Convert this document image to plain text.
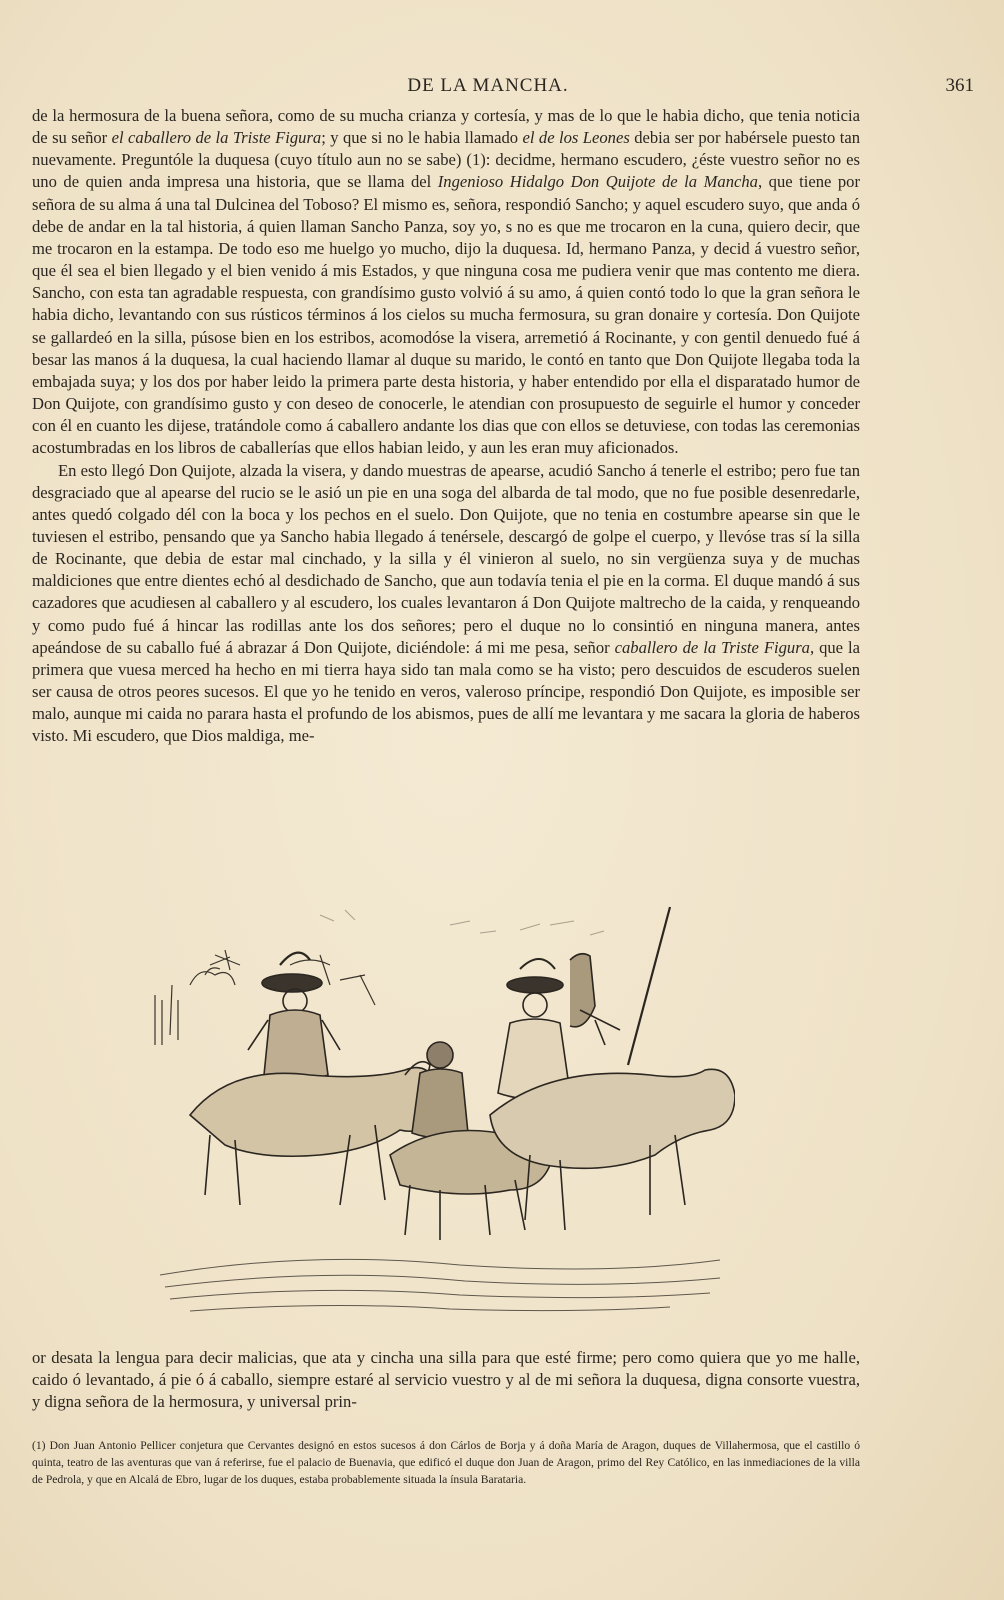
DE LA MANCHA.	361

de la hermosura de la buena señora, como de su mucha crianza y cortesía, y mas de lo que le habia dicho, que tenia noticia de su señor el caballero de la Triste Figura; y que si no le habia llamado el de los Leones debia ser por habérsele puesto tan nuevamente. Preguntóle la duquesa (cuyo título aun no se sabe) (1): decidme, hermano escudero, ¿éste vuestro señor no es uno de quien anda impresa una historia, que se llama del Ingenioso Hidalgo Don Quijote de la Mancha, que tiene por señora de su alma á una tal Dulcinea del Toboso? El mismo es, señora, respondió Sancho; y aquel escudero suyo, que anda ó debe de andar en la tal historia, á quien llaman Sancho Panza, soy yo, s no es que me trocaron en la cuna, quiero decir, que me trocaron en la estampa. De todo eso me huelgo yo mucho, dijo la duquesa. Id, hermano Panza, y decid á vuestro señor, que él sea el bien llegado y el bien venido á mis Estados, y que ninguna cosa me pudiera venir que mas contento me diera. Sancho, con esta tan agradable respuesta, con grandísimo gusto volvió á su amo, á quien contó todo lo que la gran señora le habia dicho, levantando con sus rústicos términos á los cielos su mucha fermosura, su gran donaire y cortesía. Don Quijote se gallardeó en la silla, púsose bien en los estribos, acomodóse la visera, arremetió á Rocinante, y con gentil denuedo fué á besar las manos á la duquesa, la cual haciendo llamar al duque su marido, le contó en tanto que Don Quijote llegaba toda la embajada suya; y los dos por haber leido la primera parte desta historia, y haber entendido por ella el disparatado humor de Don Quijote, con grandísimo gusto y con deseo de conocerle, le atendian con prosupuesto de seguirle el humor y conceder con él en cuanto les dijese, tratándole como á caballero andante los dias que con ellos se detuviese, con todas las ceremonias acostumbradas en los libros de caballerías que ellos habian leido, y aun les eran muy aficionados.

En esto llegó Don Quijote, alzada la visera, y dando muestras de apearse, acudió Sancho á tenerle el estribo; pero fue tan desgraciado que al apearse del rucio se le asió un pie en una soga del albarda de tal modo, que no fue posible desenredarle, antes quedó colgado dél con la boca y los pechos en el suelo. Don Quijote, que no tenia en costumbre apearse sin que le tuviesen el estribo, pensando que ya Sancho habia llegado á tenérsele, descargó de golpe el cuerpo, y llevóse tras sí la silla de Rocinante, que debia de estar mal cinchado, y la silla y él vinieron al suelo, no sin vergüenza suya y de muchas maldiciones que entre dientes echó al desdichado de Sancho, que aun todavía tenia el pie en la corma. El duque mandó á sus cazadores que acudiesen al caballero y al escudero, los cuales levantaron á Don Quijote maltrecho de la caida, y renqueando y como pudo fué á hincar las rodillas ante los dos señores; pero el duque no lo consintió en ninguna manera, antes apeándose de su caballo fué á abrazar á Don Quijote, diciéndole: á mi me pesa, señor caballero de la Triste Figura, que la primera que vuesa merced ha hecho en mi tierra haya sido tan mala como se ha visto; pero descuidos de escuderos suelen ser causa de otros peores sucesos. El que yo he tenido en veros, valeroso príncipe, respondió Don Quijote, es imposible ser malo, aunque mi caida no parara hasta el profundo de los abismos, pues de allí me levantara y me sacara la gloria de haberos visto. Mi escudero, que Dios maldiga, me-

or desata la lengua para decir malicias, que ata y cincha una silla para que esté firme; pero como quiera que yo me halle, caido ó levantado, á pie ó á caballo, siempre estaré al servicio vuestro y al de mi señora la duquesa, digna consorte vuestra, y digna señora de la hermosura, y universal prin-

(1) Don Juan Antonio Pellicer conjetura que Cervantes designó en estos sucesos á don Cárlos de Borja y á doña María de Aragon, duques de Villahermosa, que el castillo ó quinta, teatro de las aventuras que van á referirse, fue el palacio de Buenavia, que edificó el duque don Juan de Aragon, primo del Rey Católico, en las inmediaciones de la villa de Pedrola, y que en Alcalá de Ebro, lugar de los duques, estaba probablemente situada la ínsula Barataria.
